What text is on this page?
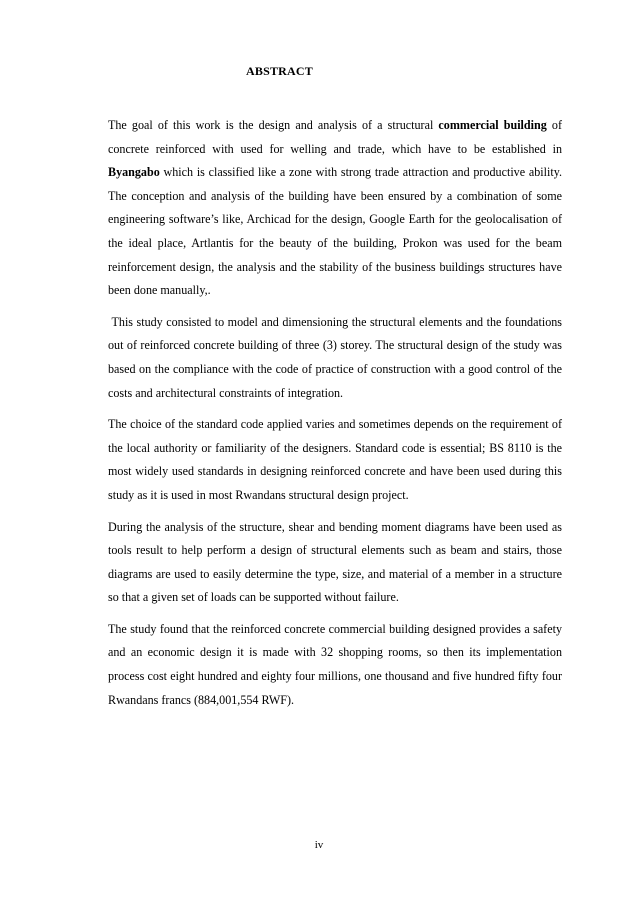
ABSTRACT

The goal of this work is the design and analysis of a structural commercial building of concrete reinforced with used for welling and trade, which have to be established in Byangabo which is classified like a zone with strong trade attraction and productive ability. The conception and analysis of the building have been ensured by a combination of some engineering software’s like, Archicad for the design, Google Earth for the geolocalisation of the ideal place, Artlantis for the beauty of the building, Prokon was used for the beam reinforcement design, the analysis and the stability of the business buildings structures have been done manually,.

This study consisted to model and dimensioning the structural elements and the foundations out of reinforced concrete building of three (3) storey. The structural design of the study was based on the compliance with the code of practice of construction with a good control of the costs and architectural constraints of integration.

The choice of the standard code applied varies and sometimes depends on the requirement of the local authority or familiarity of the designers. Standard code is essential; BS 8110 is the most widely used standards in designing reinforced concrete and have been used during this study as it is used in most Rwandans structural design project.

During the analysis of the structure, shear and bending moment diagrams have been used as tools result to help perform a design of structural elements such as beam and stairs, those diagrams are used to easily determine the type, size, and material of a member in a structure so that a given set of loads can be supported without failure.

The study found that the reinforced concrete commercial building designed provides a safety and an economic design it is made with 32 shopping rooms, so then its implementation process cost eight hundred and eighty four millions, one thousand and five hundred fifty four Rwandans francs (884,001,554 RWF).

iv
